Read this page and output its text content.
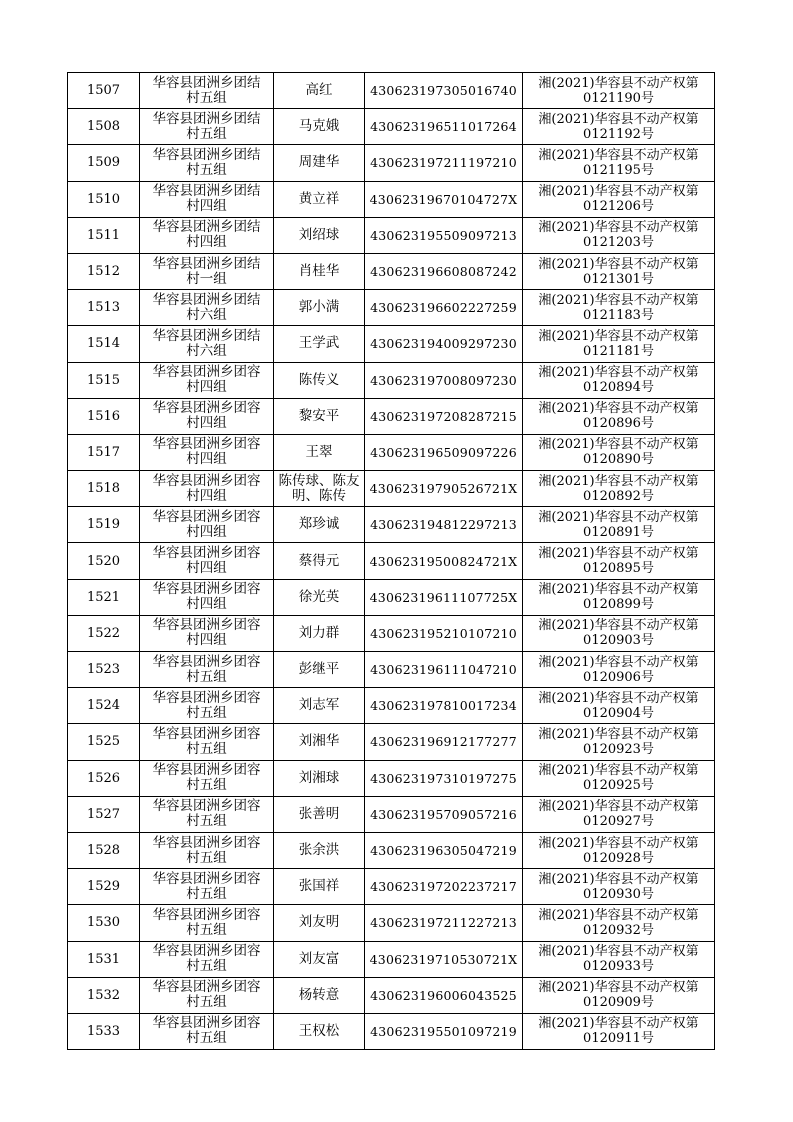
1507	华容县团洲乡团结
村五组	高红	430623197305016740	湘(2021)华容县不动产权第
0121190号

1508	华容县团洲乡团结
村五组	马克娥	430623196511017264	湘(2021)华容县不动产权第
0121192号

1509	华容县团洲乡团结
村五组	周建华	430623197211197210	湘(2021)华容县不动产权第
0121195号

1510	华容县团洲乡团结
村四组	黄立祥	43062319670104727X	湘(2021)华容县不动产权第
0121206号

1511	华容县团洲乡团结
村四组	刘绍球	430623195509097213	湘(2021)华容县不动产权第
0121203号

1512	华容县团洲乡团结
村一组	肖桂华	430623196608087242	湘(2021)华容县不动产权第
0121301号

1513	华容县团洲乡团结
村六组	郭小满	430623196602227259	湘(2021)华容县不动产权第
0121183号

1514	华容县团洲乡团结
村六组	王学武	430623194009297230	湘(2021)华容县不动产权第
0121181号

1515	华容县团洲乡团容
村四组	陈传义	430623197008097230	湘(2021)华容县不动产权第
0120894号

1516	华容县团洲乡团容
村四组	黎安平	430623197208287215	湘(2021)华容县不动产权第
0120896号

1517	华容县团洲乡团容
村四组	王翠	430623196509097226	湘(2021)华容县不动产权第
0120890号

1518	华容县团洲乡团容
村四组	陈传球、陈友明、陈传	43062319790526721X	湘(2021)华容县不动产权第
0120892号

1519	华容县团洲乡团容
村四组	郑珍诚	430623194812297213	湘(2021)华容县不动产权第
0120891号

1520	华容县团洲乡团容
村四组	蔡得元	43062319500824721X	湘(2021)华容县不动产权第
0120895号

1521	华容县团洲乡团容
村四组	徐光英	43062319611107725X	湘(2021)华容县不动产权第
0120899号

1522	华容县团洲乡团容
村四组	刘力群	430623195210107210	湘(2021)华容县不动产权第
0120903号

1523	华容县团洲乡团容
村五组	彭继平	430623196111047210	湘(2021)华容县不动产权第
0120906号

1524	华容县团洲乡团容
村五组	刘志军	430623197810017234	湘(2021)华容县不动产权第
0120904号

1525	华容县团洲乡团容
村五组	刘湘华	430623196912177277	湘(2021)华容县不动产权第
0120923号

1526	华容县团洲乡团容
村五组	刘湘球	430623197310197275	湘(2021)华容县不动产权第
0120925号

1527	华容县团洲乡团容
村五组	张善明	430623195709057216	湘(2021)华容县不动产权第
0120927号

1528	华容县团洲乡团容
村五组	张余洪	430623196305047219	湘(2021)华容县不动产权第
0120928号

1529	华容县团洲乡团容
村五组	张国祥	430623197202237217	湘(2021)华容县不动产权第
0120930号

1530	华容县团洲乡团容
村五组	刘友明	430623197211227213	湘(2021)华容县不动产权第
0120932号

1531	华容县团洲乡团容
村五组	刘友富	43062319710530721X	湘(2021)华容县不动产权第
0120933号

1532	华容县团洲乡团容
村五组	杨转意	430623196006043525	湘(2021)华容县不动产权第
0120909号

1533	华容县团洲乡团容
村五组	王权松	430623195501097219	湘(2021)华容县不动产权第
0120911号
